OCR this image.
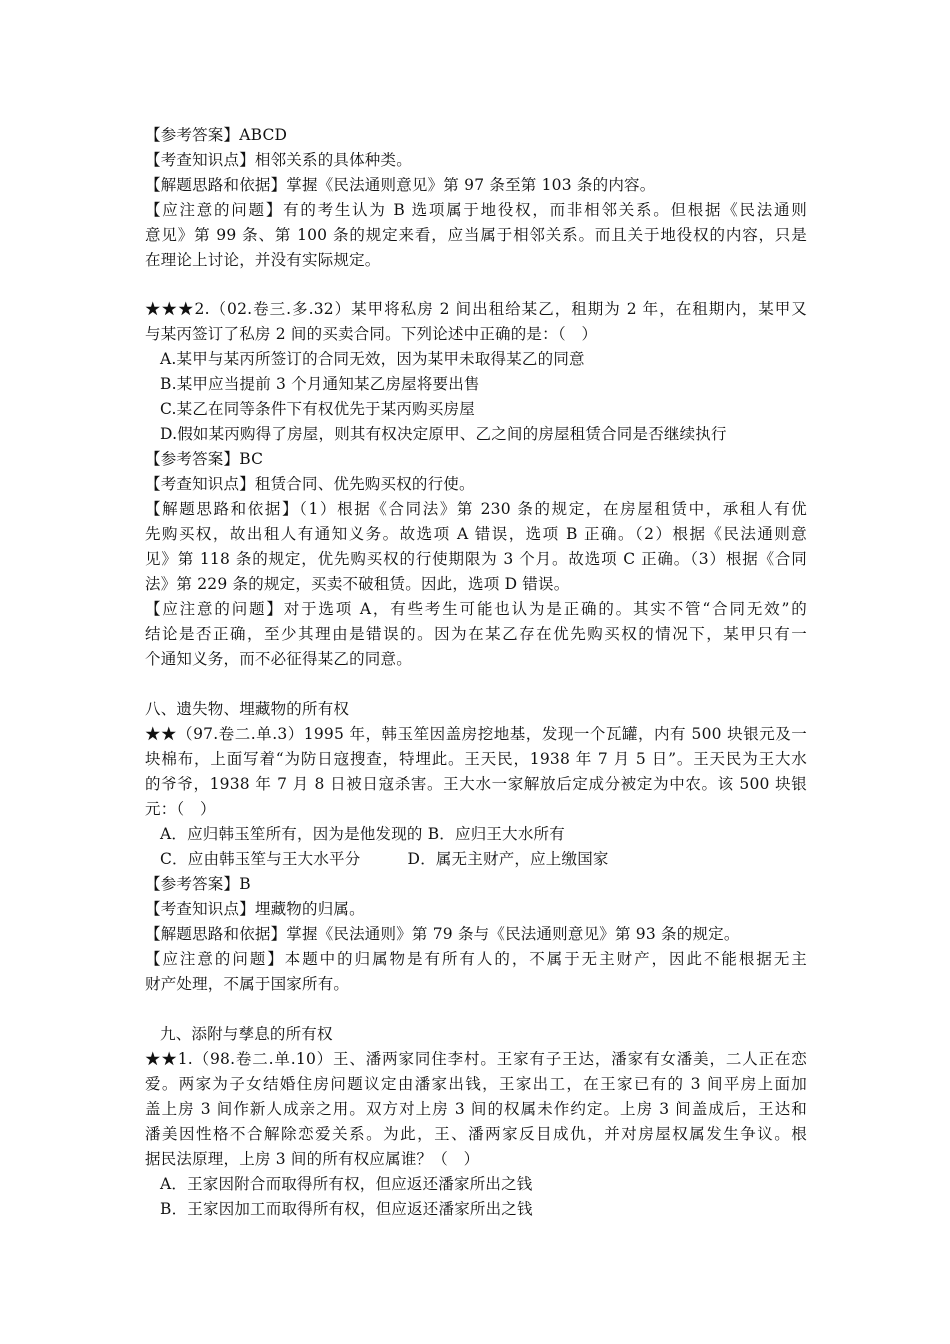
【参考答案】ABCD
【考查知识点】相邻关系的具体种类。
【解题思路和依据】掌握《民法通则意见》第 97 条至第 103 条的内容。
【应注意的问题】有的考生认为 B 选项属于地役权，而非相邻关系。但根据《民法通则
意见》第 99 条、第 100 条的规定来看，应当属于相邻关系。而且关于地役权的内容，只是
在理论上讨论，并没有实际规定。
★★★2.（02.卷三.多.32）某甲将私房 2 间出租给某乙，租期为 2 年，在租期内，某甲又
与某丙签订了私房 2 间的买卖合同。下列论述中正确的是：（　）
A.某甲与某丙所签订的合同无效，因为某甲未取得某乙的同意
B.某甲应当提前 3 个月通知某乙房屋将要出售
C.某乙在同等条件下有权优先于某丙购买房屋
D.假如某丙购得了房屋，则其有权决定原甲、乙之间的房屋租赁合同是否继续执行
【参考答案】BC
【考查知识点】租赁合同、优先购买权的行使。
【解题思路和依据】（1）根据《合同法》第 230 条的规定，在房屋租赁中，承租人有优
先购买权，故出租人有通知义务。故选项 A 错误，选项 B 正确。（2）根据《民法通则意
见》第 118 条的规定，优先购买权的行使期限为 3 个月。故选项 C 正确。（3）根据《合同
法》第 229 条的规定，买卖不破租赁。因此，选项 D 错误。
【应注意的问题】对于选项 A，有些考生可能也认为是正确的。其实不管“合同无效”的
结论是否正确，至少其理由是错误的。因为在某乙存在优先购买权的情况下，某甲只有一
个通知义务，而不必征得某乙的同意。
八、遗失物、埋藏物的所有权
★★（97.卷二.单.3）1995 年，韩玉笙因盖房挖地基，发现一个瓦罐，内有 500 块银元及一
块棉布，上面写着“为防日寇搜查，特埋此。王天民，1938 年 7 月 5 日”。王天民为王大水
的爷爷，1938 年 7 月 8 日被日寇杀害。王大水一家解放后定成分被定为中农。该 500 块银
元：（　）
A．应归韩玉笙所有，因为是他发现的 B．应归王大水所有
C．应由韩玉笙与王大水平分　　　D．属无主财产，应上缴国家
【参考答案】B
【考查知识点】埋藏物的归属。
【解题思路和依据】掌握《民法通则》第 79 条与《民法通则意见》第 93 条的规定。
【应注意的问题】本题中的归属物是有所有人的，不属于无主财产，因此不能根据无主
财产处理，不属于国家所有。
九、添附与孳息的所有权
★★1.（98.卷二.单.10）王、潘两家同住李村。王家有子王达，潘家有女潘美，二人正在恋
爱。两家为子女结婚住房问题议定由潘家出钱，王家出工，在王家已有的 3 间平房上面加
盖上房 3 间作新人成亲之用。双方对上房 3 间的权属未作约定。上房 3 间盖成后，王达和
潘美因性格不合解除恋爱关系。为此，王、潘两家反目成仇，并对房屋权属发生争议。根
据民法原理，上房 3 间的所有权应属谁？（　）
A．王家因附合而取得所有权，但应返还潘家所出之钱
B．王家因加工而取得所有权，但应返还潘家所出之钱
